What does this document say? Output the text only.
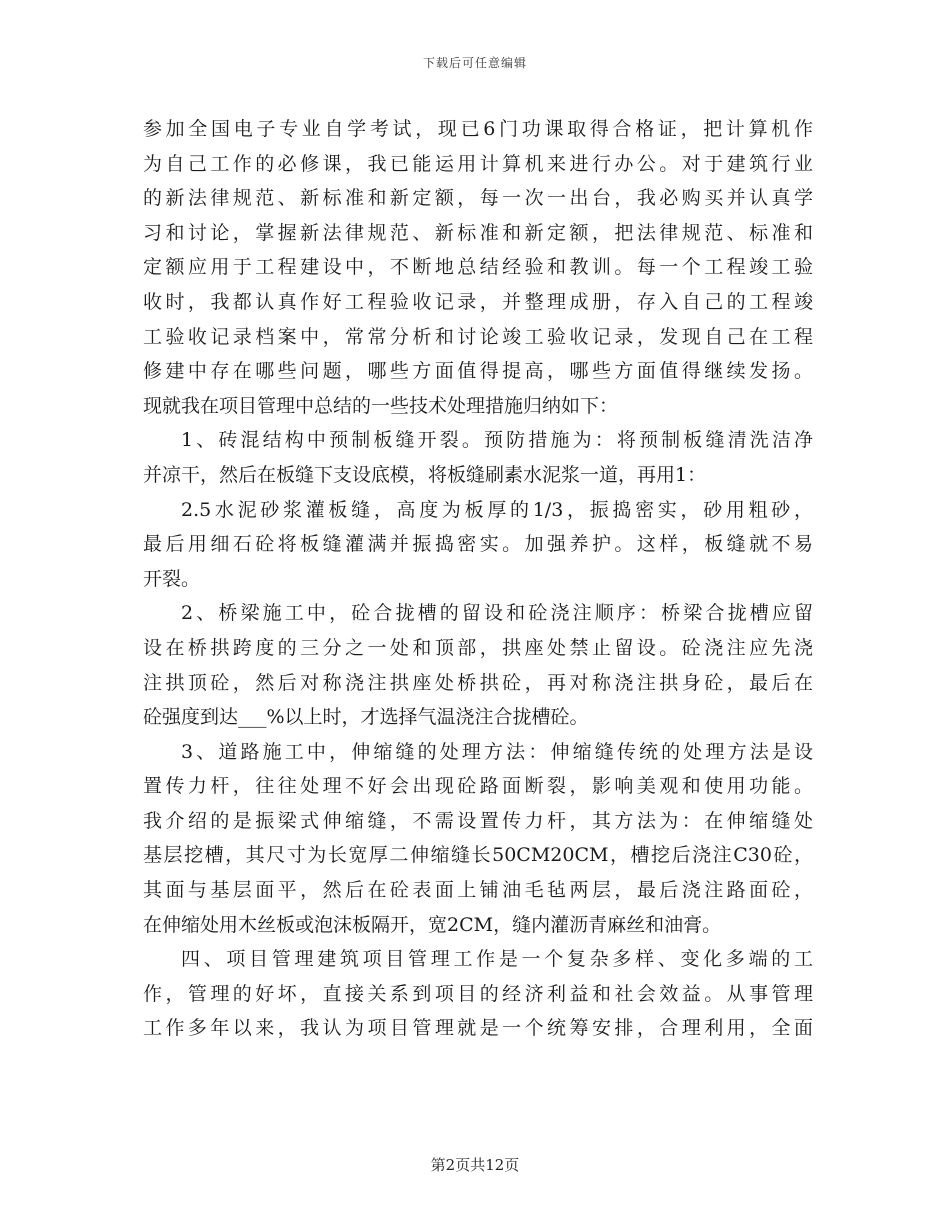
下载后可任意编辑
参加全国电子专业自学考试，现已6门功课取得合格证，把计算机作
为自己工作的必修课，我已能运用计算机来进行办公。对于建筑行业
的新法律规范、新标准和新定额，每一次一出台，我必购买并认真学
习和讨论，掌握新法律规范、新标准和新定额，把法律规范、标准和
定额应用于工程建设中，不断地总结经验和教训。每一个工程竣工验
收时，我都认真作好工程验收记录，并整理成册，存入自己的工程竣
工验收记录档案中，常常分析和讨论竣工验收记录，发现自己在工程
修建中存在哪些问题，哪些方面值得提高，哪些方面值得继续发扬。
现就我在项目管理中总结的一些技术处理措施归纳如下：
1、砖混结构中预制板缝开裂。预防措施为：将预制板缝清洗洁净
并凉干，然后在板缝下支设底模，将板缝刷素水泥浆一道，再用1：
2.5水泥砂浆灌板缝，高度为板厚的1/3，振捣密实，砂用粗砂，
最后用细石砼将板缝灌满并振捣密实。加强养护。这样，板缝就不易
开裂。
2、桥梁施工中，砼合拢槽的留设和砼浇注顺序：桥梁合拢槽应留
设在桥拱跨度的三分之一处和顶部，拱座处禁止留设。砼浇注应先浇
注拱顶砼，然后对称浇注拱座处桥拱砼，再对称浇注拱身砼，最后在
砼强度到达___%以上时，才选择气温浇注合拢槽砼。
3、道路施工中，伸缩缝的处理方法：伸缩缝传统的处理方法是设
置传力杆，往往处理不好会出现砼路面断裂，影响美观和使用功能。
我介绍的是振梁式伸缩缝，不需设置传力杆，其方法为：在伸缩缝处
基层挖槽，其尺寸为长宽厚二伸缩缝长50CM20CM，槽挖后浇注C30砼，
其面与基层面平，然后在砼表面上铺油毛毡两层，最后浇注路面砼，
在伸缩处用木丝板或泡沫板隔开，宽2CM，缝内灌沥青麻丝和油膏。
四、项目管理建筑项目管理工作是一个复杂多样、变化多端的工
作，管理的好坏，直接关系到项目的经济利益和社会效益。从事管理
工作多年以来，我认为项目管理就是一个统筹安排，合理利用，全面
第2页共12页
